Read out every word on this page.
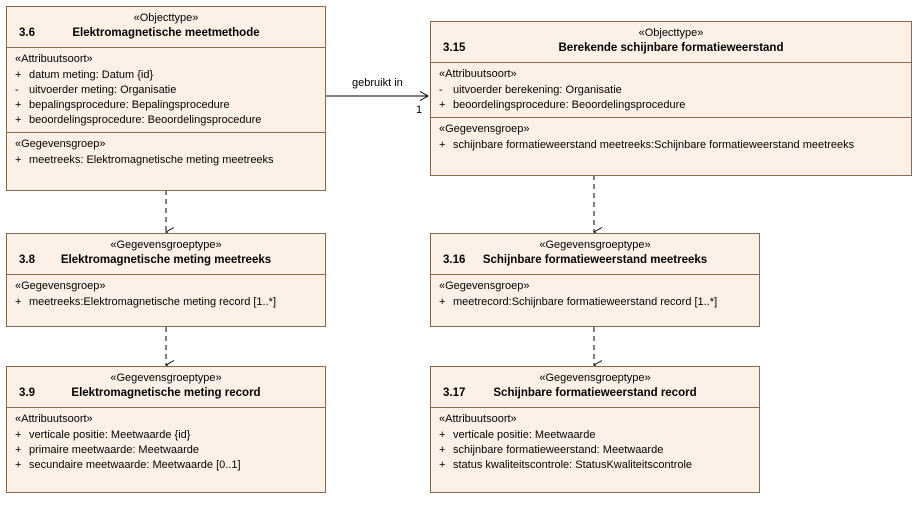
«Objecttype»
3.6	Elektromagnetische meetmethode
«Attribuutsoort»
+ datum meting: Datum {id}
- uitvoerder meting: Organisatie
+ bepalingsprocedure: Bepalingsprocedure
+ beoordelingsprocedure: Beoordelingsprocedure
«Gegevensgroep»
+ meetreeks: Elektromagnetische meting meetreeks
«Objecttype»
3.15	Berekende schijnbare formatieweerstand
«Attribuutsoort»
- uitvoerder berekening: Organisatie
+ beoordelingsprocedure: Beoordelingsprocedure
«Gegevensgroep»
+ schijnbare formatieweerstand meetreeks:Schijnbare formatieweerstand meetreeks
«Gegevensgroeptype»
3.8 Elektromagnetische meting meetreeks
«Gegevensgroep»
+ meetreeks:Elektromagnetische meting record [1..*]
«Gegevensgroeptype»
3.16 Schijnbare formatieweerstand meetreeks
«Gegevensgroep»
+ meetrecord:Schijnbare formatieweerstand record [1..*]
«Gegevensgroeptype»
3.9	Elektromagnetische meting record
«Attribuutsoort»
+ verticale positie: Meetwaarde {id}
+ primaire meetwaarde: Meetwaarde
+ secundaire meetwaarde: Meetwaarde [0..1]
«Gegevensgroeptype»
3.17 Schijnbare formatieweerstand record
«Attribuutsoort»
+ verticale positie: Meetwaarde
+ schijnbare formatieweerstand: Meetwaarde
+ status kwaliteitscontrole: StatusKwaliteitscontrole
gebruikt in
1
